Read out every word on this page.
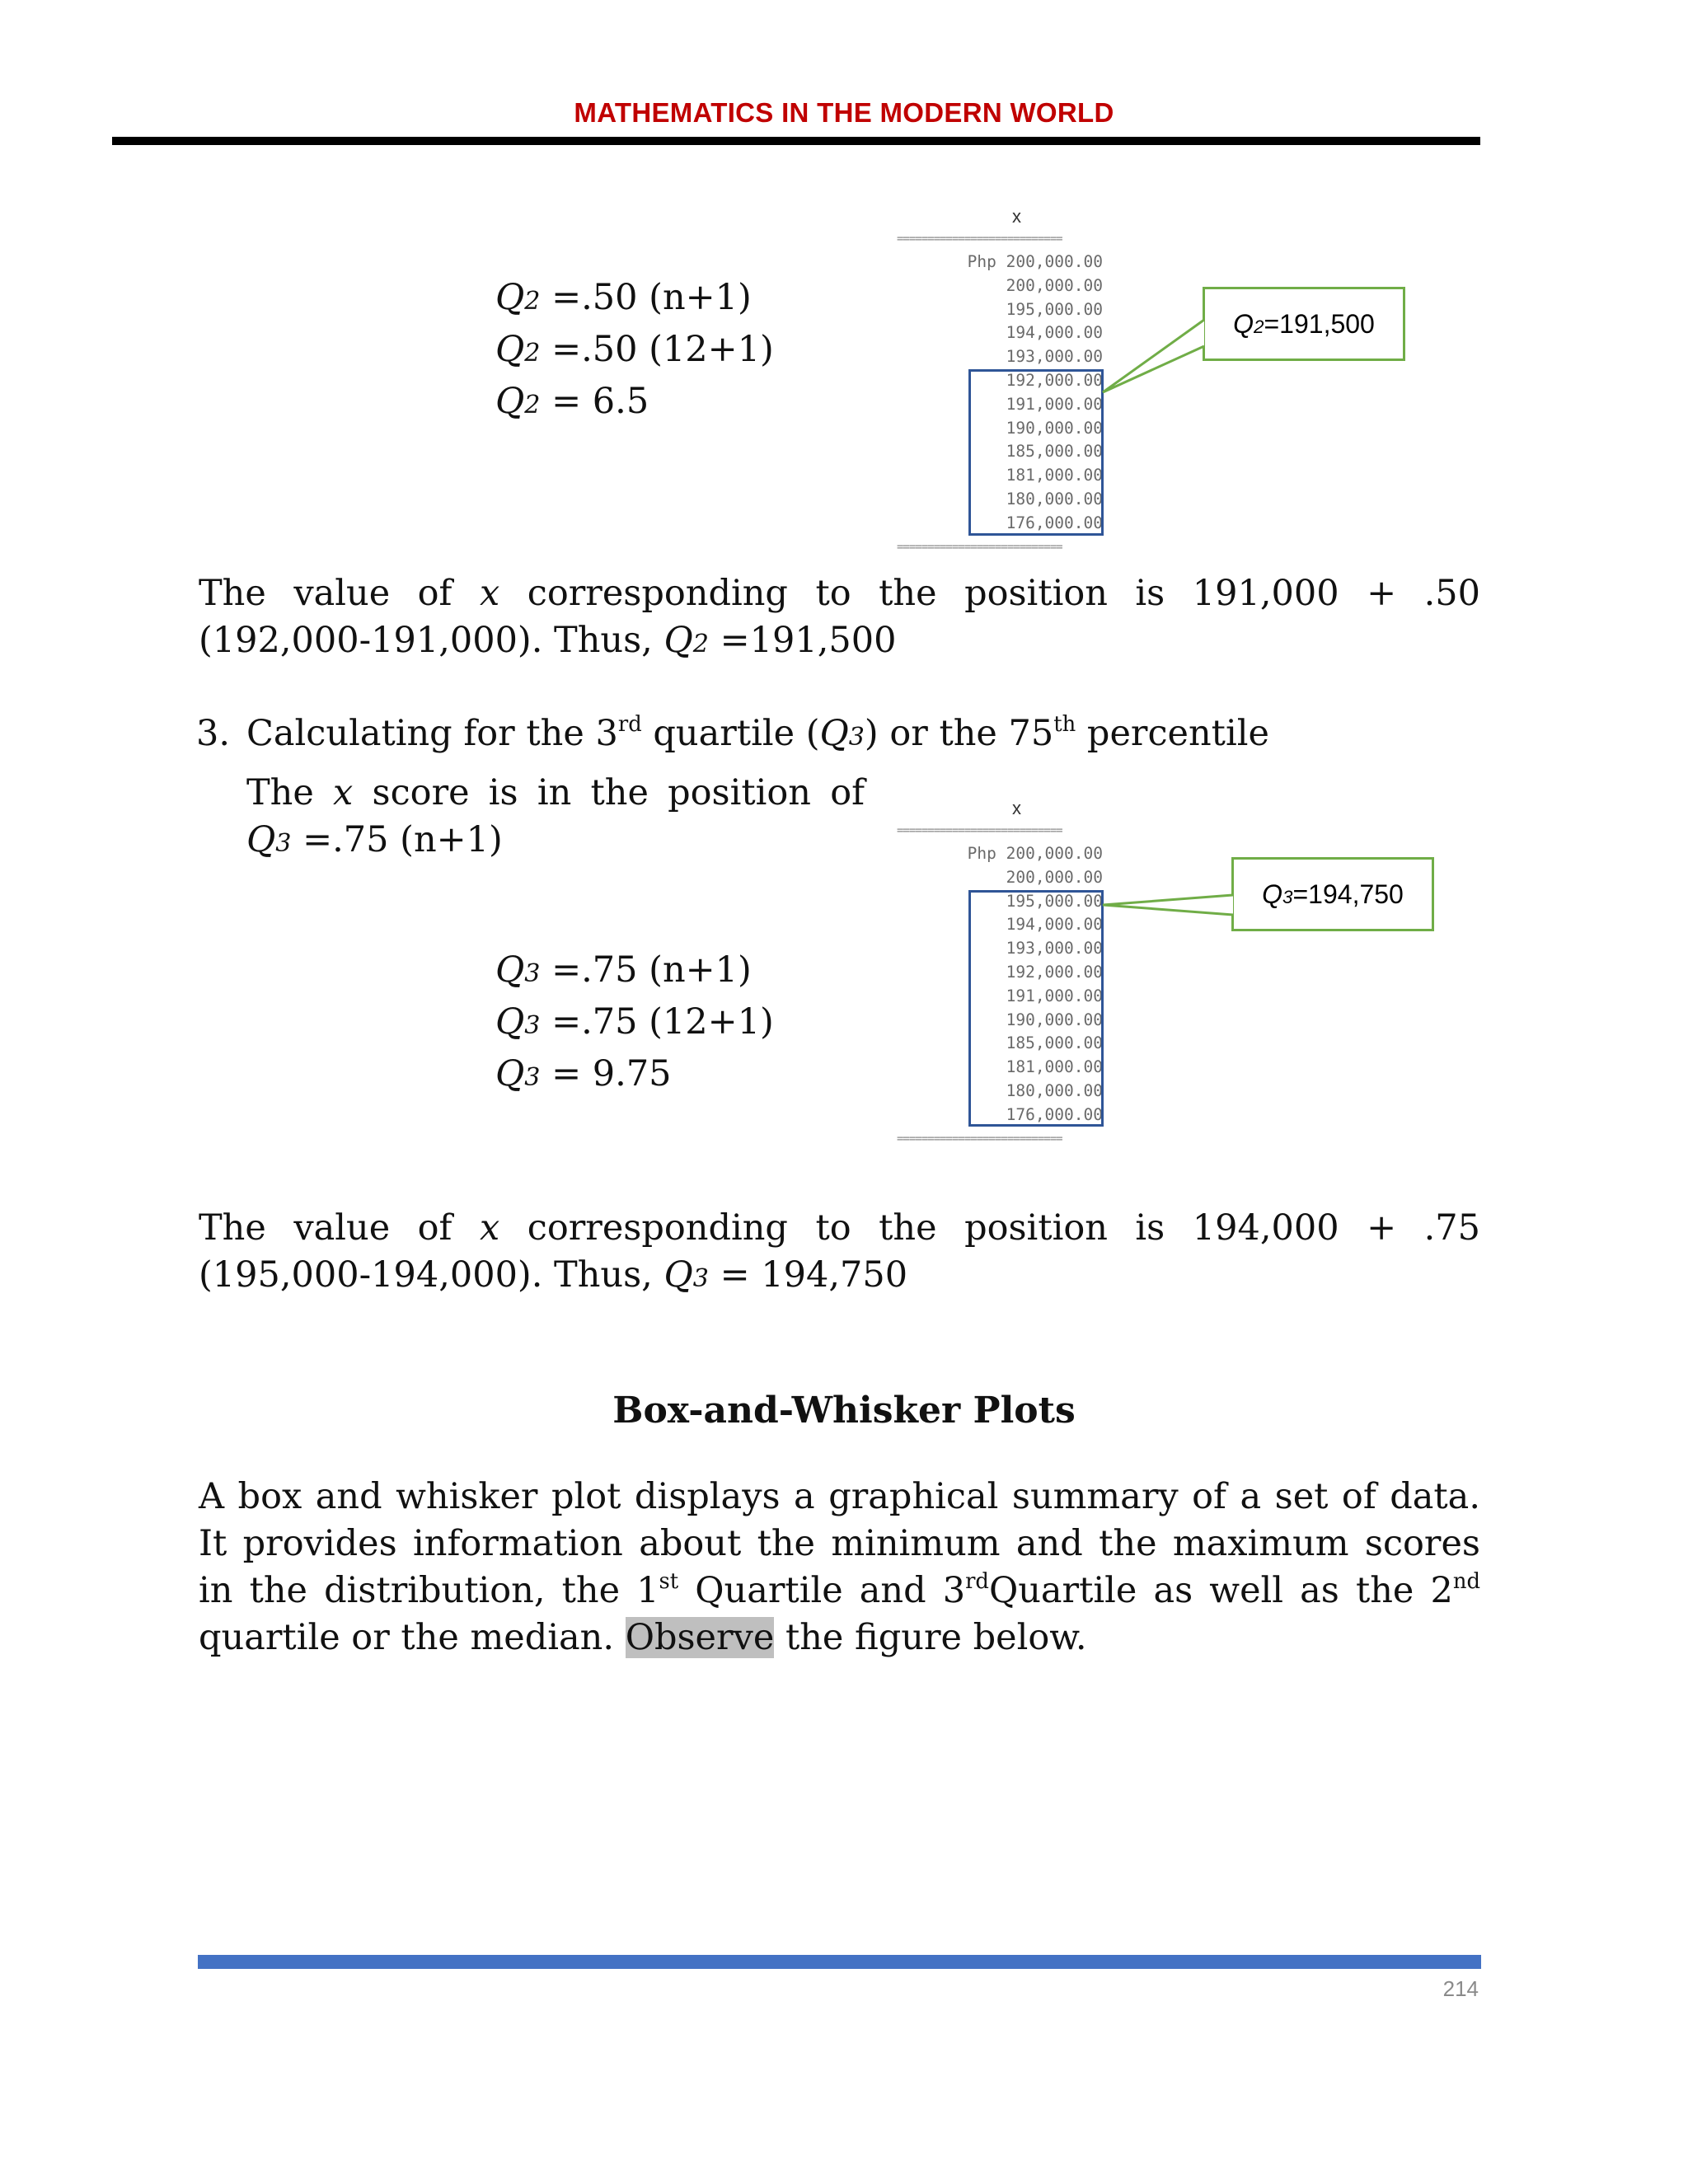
MATHEMATICS IN THE MODERN WORLD
Q2 =.50 (n+1)
Q2 =.50 (12+1)
Q2 = 6.5
x
===========================
Php 200,000.00
200,000.00
195,000.00
194,000.00
193,000.00
192,000.00
191,000.00
190,000.00
185,000.00
181,000.00
180,000.00
176,000.00
===========================
Q2=191,500
The value of x corresponding to the position is 191,000 + .50 (192,000-191,000). Thus, Q2 =191,500
3. Calculating for the 3rd quartile (Q3) or the 75th percentile
The x score is in the position of Q3 =.75 (n+1)
Q3 =.75 (n+1)
Q3 =.75 (12+1)
Q3 = 9.75
x
===========================
Php 200,000.00
200,000.00
195,000.00
194,000.00
193,000.00
192,000.00
191,000.00
190,000.00
185,000.00
181,000.00
180,000.00
176,000.00
===========================
Q3=194,750
The value of x corresponding to the position is 194,000 + .75 (195,000-194,000). Thus, Q3 = 194,750
Box-and-Whisker Plots
A box and whisker plot displays a graphical summary of a set of data. It provides information about the minimum and the maximum scores in the distribution, the 1st Quartile and 3rdQuartile as well as the 2nd quartile or the median. Observe the figure below.
214
